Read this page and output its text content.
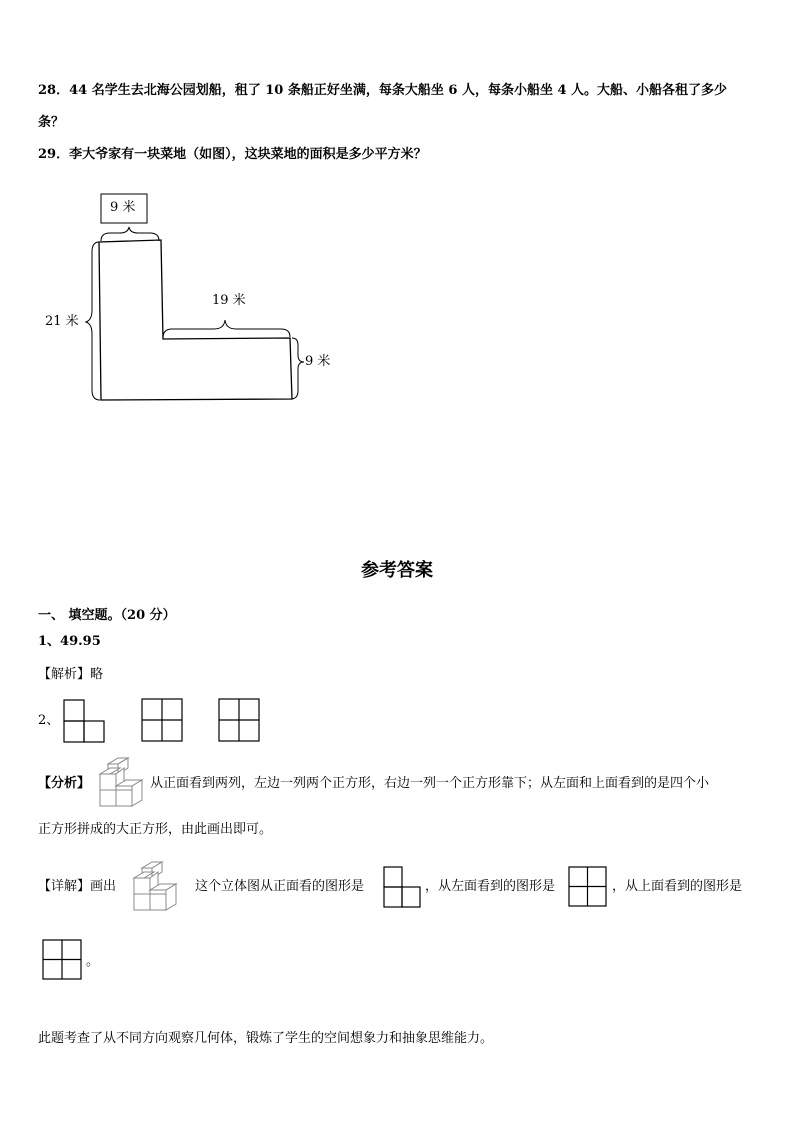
28．44 名学生去北海公园划船，租了 10 条船正好坐满，每条大船坐 6 人，每条小船坐 4 人。大船、小船各租了多少
条？
29．李大爷家有一块菜地（如图），这块菜地的面积是多少平方米？
9 米
21 米
19 米
9 米
参考答案
一、 填空题。（20 分）
1、49.95
【解析】略
2、
【分析】	从正面看到两列，左边一列两个正方形，右边一列一个正方形靠下；从左面和上面看到的是四个小
正方形拼成的大正方形，由此画出即可。
【详解】画出	这个立体图从正面看的图形是	，从左面看到的图形是	，从上面看到的图形是
。
此题考查了从不同方向观察几何体，锻炼了学生的空间想象力和抽象思维能力。
